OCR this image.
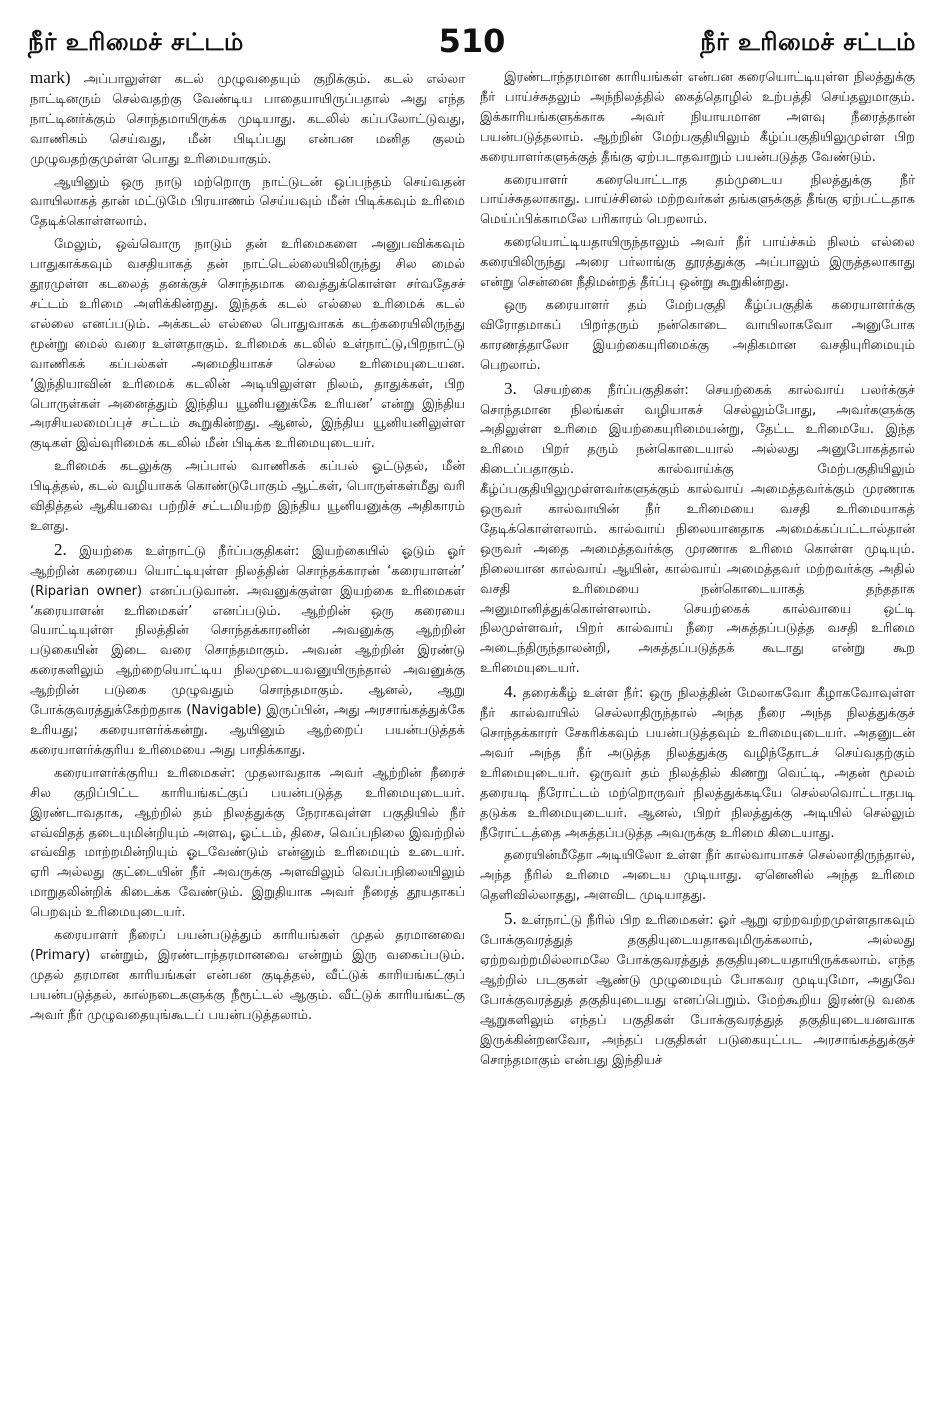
நீர் உரிமைச் சட்டம்	510	நீர் உரிமைச் சட்டம்

mark) அப்பாலுள்ள கடல் முழுவதையும் குறிக்கும். கடல் எல்லா நாட்டினரும் செல்வதற்கு வேண்டிய பாதையாயிருப்பதால் அது எந்த நாட்டினர்க்கும் சொந்தமாயிருக்க முடியாது. கடலில் கப்பலோட்டுவது, வாணிகம் செய்வது, மீன் பிடிப்பது என்பன மனித குலம் முழுவதற்குமுள்ள பொது உரிமையாகும்.

ஆயினும் ஒரு நாடு மற்றொரு நாட்டுடன் ஒப்பந்தம் செய்வதன் வாயிலாகத் தான் மட்டுமே பிரயாணம் செய்யவும் மீன் பிடிக்கவும் உரிமை தேடிக்கொள்ளலாம்.

மேலும், ஒவ்வொரு நாடும் தன் உரிமைகளை அனுபவிக்கவும் பாதுகாக்கவும் வசதியாகத் தன் நாட்டெல்லையிலிருந்து சில மைல் தூரமுள்ள கடலைத் தனக்குச் சொந்தமாக வைத்துக்கொள்ள சர்வதேசச் சட்டம் உரிமை அளிக்கின்றது. இந்தக் கடல் எல்லை உரிமைக் கடல் எல்லை எனப்படும். அக்கடல் எல்லை பொதுவாகக் கடற்கரையிலிருந்து மூன்று மைல் வரை உள்ளதாகும். உரிமைக் கடலில் உள்நாட்டு,பிறநாட்டு வாணிகக் கப்பல்கள் அமைதியாகச் செல்ல உரிமையுடையன. ‘இந்தியாவின் உரிமைக் கடலின் அடியிலுள்ள நிலம், தாதுக்கள், பிற பொருள்கள் அனைத்தும் இந்திய யூனியனுக்கே உரியன’ என்று இந்திய அரசியலமைப்புச் சட்டம் கூறுகின்றது. ஆனல், இந்திய யூனியனிலுள்ள குடிகள் இவ்வுரிமைக் கடலில் மீன் பிடிக்க உரிமையுடையர்.

உரிமைக் கடலுக்கு அப்பால் வாணிகக் கப்பல் ஓட்டுதல், மீன் பிடித்தல், கடல் வழியாகக் கொண்டுபோகும் ஆட்கள், பொருள்கள்மீது வரி விதித்தல் ஆகியவை பற்றிச் சட்டமியற்ற இந்திய யூனியனுக்கு அதிகாரம் உளது.

2. இயற்கை உள்நாட்டு நீர்ப்பகுதிகள்: இயற்கையில் ஓடும் ஓர் ஆற்றின் கரையை யொட்டியுள்ள நிலத்தின் சொந்தக்காரன் ‘கரையாளன்’ (Riparian owner) எனப்படுவான். அவனுக்குள்ள இயற்கை உரிமைகள் ‘கரையாளன் உரிமைகள்’ எனப்படும். ஆற்றின் ஒரு கரையை யொட்டியுள்ள நிலத்தின் சொந்தக்காரனின் அவனுக்கு ஆற்றின் படுகையின் இடை வரை சொந்தமாகும். அவன் ஆற்றின் இரண்டு கரைகளிலும் ஆற்றையொட்டிய நிலமுடையவனுயிருந்தால் அவனுக்கு ஆற்றின் படுகை முழுவதும் சொந்தமாகும். ஆனல், ஆறு போக்குவரத்துக்கேற்றதாக (Navigable) இருப்பின், அது அரசாங்கத்துக்கே உரியது; கரையாளர்க்கன்று. ஆயினும் ஆற்றைப் பயன்படுத்தக் கரையாளர்க்குரிய உரிமையை அது பாதிக்காது.

கரையாளர்க்குரிய உரிமைகள்: முதலாவதாக அவர் ஆற்றின் நீரைச் சில குறிப்பிட்ட காரியங்கட்குப் பயன்படுத்த உரிமையுடையர். இரண்டாவதாக, ஆற்றில் தம் நிலத்துக்கு நேராகவுள்ள பகுதியில் நீர் எவ்விதத் தடையுமின்றியும் அளவு, ஓட்டம், திசை, வெப்பநிலை இவற்றில் எவ்வித மாற்றமின்றியும் ஓடவேண்டும் என்னும் உரிமையும் உடையர். ஏரி அல்லது குட்டையின் நீர் அவருக்கு அளவிலும் வெப்பநிலையிலும் மாறுதலின்றிக் கிடைக்க வேண்டும். இறுதியாக அவர் நீரைத் தூயதாகப் பெறவும் உரிமையுடையர்.

கரையாளர் நீரைப் பயன்படுத்தும் காரியங்கள் முதல் தரமானவை (Primary) என்றும், இரண்டாந்தரமானவை என்றும் இரு வகைப்படும். முதல் தரமான காரியங்கள் என்பன குடித்தல், வீட்டுக் காரியங்கட்குப் பயன்படுத்தல், கால்நடைகளுக்கு நீரூட்டல் ஆகும். வீட்டுக் காரியங்கட்கு அவர் நீர் முழுவதையுங்கூடப் பயன்படுத்தலாம்.

இரண்டாந்தரமான காரியங்கள் என்பன கரையொட்டியுள்ள நிலத்துக்கு நீர் பாய்ச்சுதலும் அந்நிலத்தில் கைத்தொழில் உற்பத்தி செய்தலுமாகும். இக்காரியங்களுக்காக அவர் நியாயமான அளவு நீரைத்தான் பயன்படுத்தலாம். ஆற்றின் மேற்பகுதியிலும் கீழ்ப்பகுதியிலுமுள்ள பிற கரையாளர்களுக்குத் தீங்கு ஏற்படாதவாறும் பயன்படுத்த வேண்டும்.

கரையாளர் கரையொட்டாத தம்முடைய நிலத்துக்கு நீர் பாய்ச்சுதலாகாது. பாய்ச்சினல் மற்றவர்கள் தங்களுக்குத் தீங்கு ஏற்பட்டதாக மெய்ப்பிக்காமலே பரிகாரம் பெறலாம்.

கரையொட்டியதாயிருந்தாலும் அவர் நீர் பாய்ச்சும் நிலம் எல்லை கரையிலிருந்து அரை பர்லாங்கு தூரத்துக்கு அப்பாலும் இருத்தலாகாது என்று சென்னை நீதிமன்றத் தீர்ப்பு ஒன்று கூறுகின்றது.

ஒரு கரையாளர் தம் மேற்பகுதி கீழ்ப்பகுதிக் கரையாளர்க்கு விரோதமாகப் பிறர்தரும் நன்கொடை வாயிலாகவோ அனுபோக காரணத்தாலோ இயற்கையுரிமைக்கு அதிகமான வசதியுரிமையும் பெறலாம்.

3. செயற்கை நீர்ப்பகுதிகள்: செயற்கைக் கால்வாய் பலர்க்குச் சொந்தமான நிலங்கள் வழியாகச் செல்லும்போது, அவர்களுக்கு அதிலுள்ள உரிமை இயற்கையுரிமையன்று, தேட்ட உரிமையே. இந்த உரிமை பிறர் தரும் நன்கொடையால் அல்லது அனுபோகத்தால் கிடைப்பதாகும். கால்வாய்க்கு மேற்பகுதியிலும் கீழ்ப்பகுதியிலுமுள்ளவர்களுக்கும் கால்வாய் அமைத்தவர்க்கும் முரணாக ஒருவர் கால்வாயின் நீர் உரிமையை வசதி உரிமையாகத் தேடிக்கொள்ளலாம். கால்வாய் நிலையானதாக அமைக்கப்பட்டால்தான் ஒருவர் அதை அமைத்தவர்க்கு முரணாக உரிமை கொள்ள முடியும். நிலையான கால்வாய் ஆயின், கால்வாய் அமைத்தவர் மற்றவர்க்கு அதில் வசதி உரிமையை நன்கொடையாகத் தந்ததாக அனுமானித்துக்கொள்ளலாம். செயற்கைக் கால்வாயை ஒட்டி நிலமுள்ளவர், பிறர் கால்வாய் நீரை அசுத்தப்படுத்த வசதி உரிமை அடைந்திருந்தாலன்றி, அசுத்தப்படுத்தக் கூடாது என்று கூற உரிமையுடையர்.

4. தரைக்கீழ் உள்ள நீர்: ஒரு நிலத்தின் மேலாகவோ கீழாகவோவுள்ள நீர் கால்வாயில் செல்லாதிருந்தால் அந்த நீரை அந்த நிலத்துக்குச் சொந்தக்காரர் சேகரிக்கவும் பயன்படுத்தவும் உரிமையுடையர். அதனுடன் அவர் அந்த நீர் அடுத்த நிலத்துக்கு வழிந்தோடச் செய்வதற்கும் உரிமையுடையர். ஒருவர் தம் நிலத்தில் கிணறு வெட்டி, அதன் மூலம் தரையடி நீரோட்டம் மற்றொருவர் நிலத்துக்கடியே செல்லவொட்டாதபடி தடுக்க உரிமையுடையர். ஆனல், பிறர் நிலத்துக்கு அடியில் செல்லும் நீரோட்டத்தை அசுத்தப்படுத்த அவருக்கு உரிமை கிடையாது.

தரையின்மீதோ அடியிலோ உள்ள நீர் கால்வாயாகச் செல்லாதிருந்தால், அந்த நீரில் உரிமை அடைய முடியாது. ஏனெனில் அந்த உரிமை தெளிவில்லாதது, அளவிட முடியாதது.

5. உள்நாட்டு நீரில் பிற உரிமைகள்: ஓர் ஆறு ஏற்றவற்றமுள்ளதாகவும் போக்குவரத்துத் தகுதியுடையதாகவுமிருக்கலாம், அல்லது ஏற்றவற்றமில்லாமலே போக்குவரத்துத் தகுதியுடையதாயிருக்கலாம். எந்த ஆற்றில் படகுகள் ஆண்டு முழுமையும் போகவர முடியுமோ, அதுவே போக்குவரத்துத் தகுதியுடையது எனப்பெறும். மேற்கூறிய இரண்டு வகை ஆறுகளிலும் எந்தப் பகுதிகள் போக்குவரத்துத் தகுதியுடையனவாக இருக்கின்றனவோ, அந்தப் பகுதிகள் படுகையுட்பட அரசாங்கத்துக்குச் சொந்தமாகும் என்பது இந்தியச்
